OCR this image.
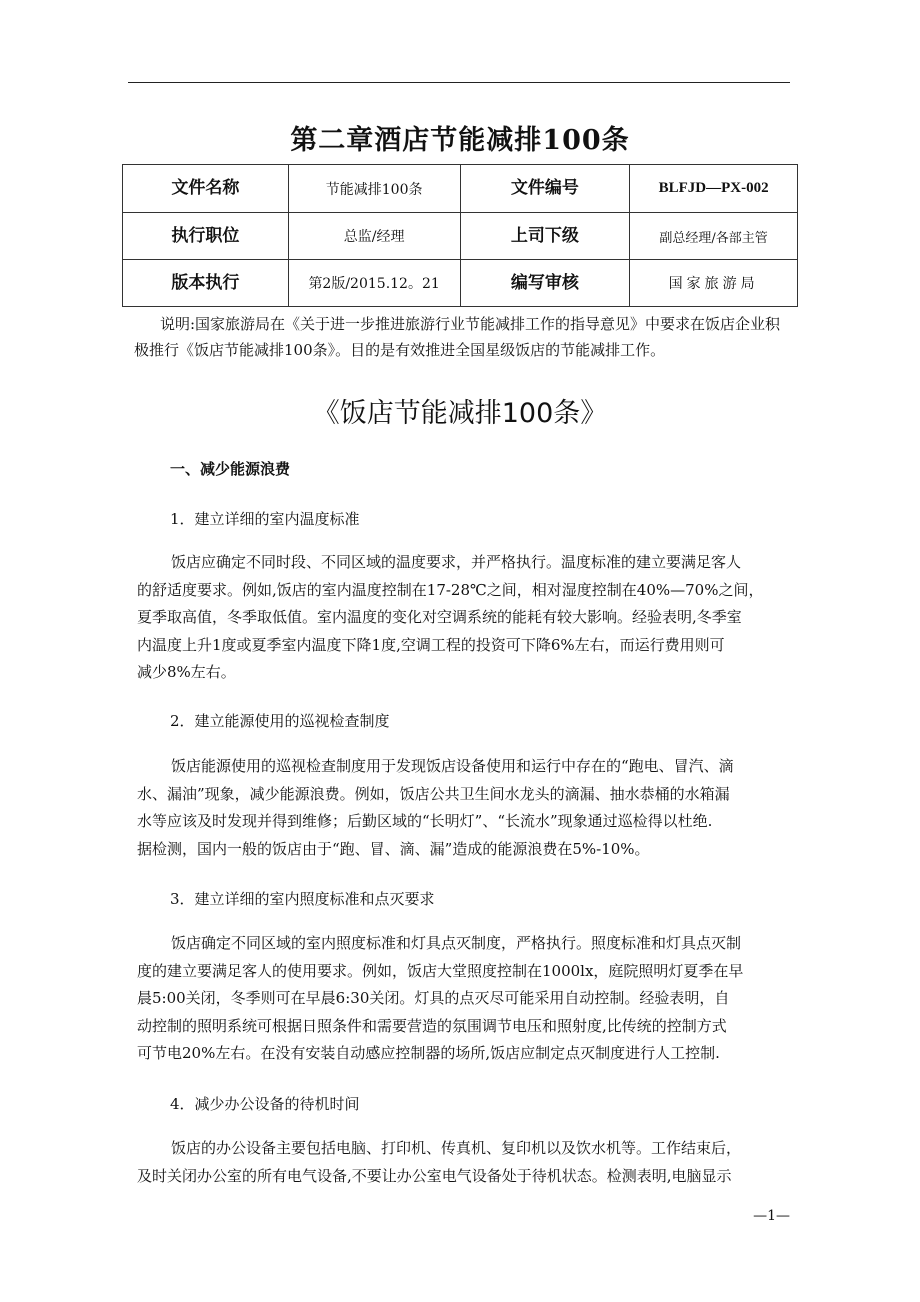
第二章酒店节能减排100条
文件名称	节能减排100条	文件编号	BLFJD—PX-002
执行职位	总监/经理	上司下级	副总经理/各部主管
版本执行	第2版/2015.12。21	编写审核	国家旅游局

说明:国家旅游局在《关于进一步推进旅游行业节能减排工作的指导意见》中要求在饭店企业积极推行《饭店节能减排100条》。目的是有效推进全国星级饭店的节能减排工作。

《饭店节能减排100条》
一、减少能源浪费
1．建立详细的室内温度标准
饭店应确定不同时段、不同区域的温度要求，并严格执行。温度标准的建立要满足客人
的舒适度要求。例如,饭店的室内温度控制在17-28℃之间，相对湿度控制在40%—70%之间，
夏季取高值，冬季取低值。室内温度的变化对空调系统的能耗有较大影响。经验表明,冬季室
内温度上升1度或夏季室内温度下降1度,空调工程的投资可下降6%左右，而运行费用则可
减少8%左右。
2．建立能源使用的巡视检查制度
饭店能源使用的巡视检查制度用于发现饭店设备使用和运行中存在的“跑电、冒汽、滴
水、漏油”现象，减少能源浪费。例如，饭店公共卫生间水龙头的滴漏、抽水恭桶的水箱漏
水等应该及时发现并得到维修；后勤区域的“长明灯”、“长流水”现象通过巡检得以杜绝.
据检测，国内一般的饭店由于“跑、冒、滴、漏”造成的能源浪费在5%-10%。
3．建立详细的室内照度标准和点灭要求
饭店确定不同区域的室内照度标准和灯具点灭制度，严格执行。照度标准和灯具点灭制
度的建立要满足客人的使用要求。例如，饭店大堂照度控制在1000lx，庭院照明灯夏季在早
晨5:00关闭，冬季则可在早晨6:30关闭。灯具的点灭尽可能采用自动控制。经验表明，自
动控制的照明系统可根据日照条件和需要营造的氛围调节电压和照射度,比传统的控制方式
可节电20%左右。在没有安装自动感应控制器的场所,饭店应制定点灭制度进行人工控制.
4．减少办公设备的待机时间
饭店的办公设备主要包括电脑、打印机、传真机、复印机以及饮水机等。工作结束后，
及时关闭办公室的所有电气设备,不要让办公室电气设备处于待机状态。检测表明,电脑显示
—1—
